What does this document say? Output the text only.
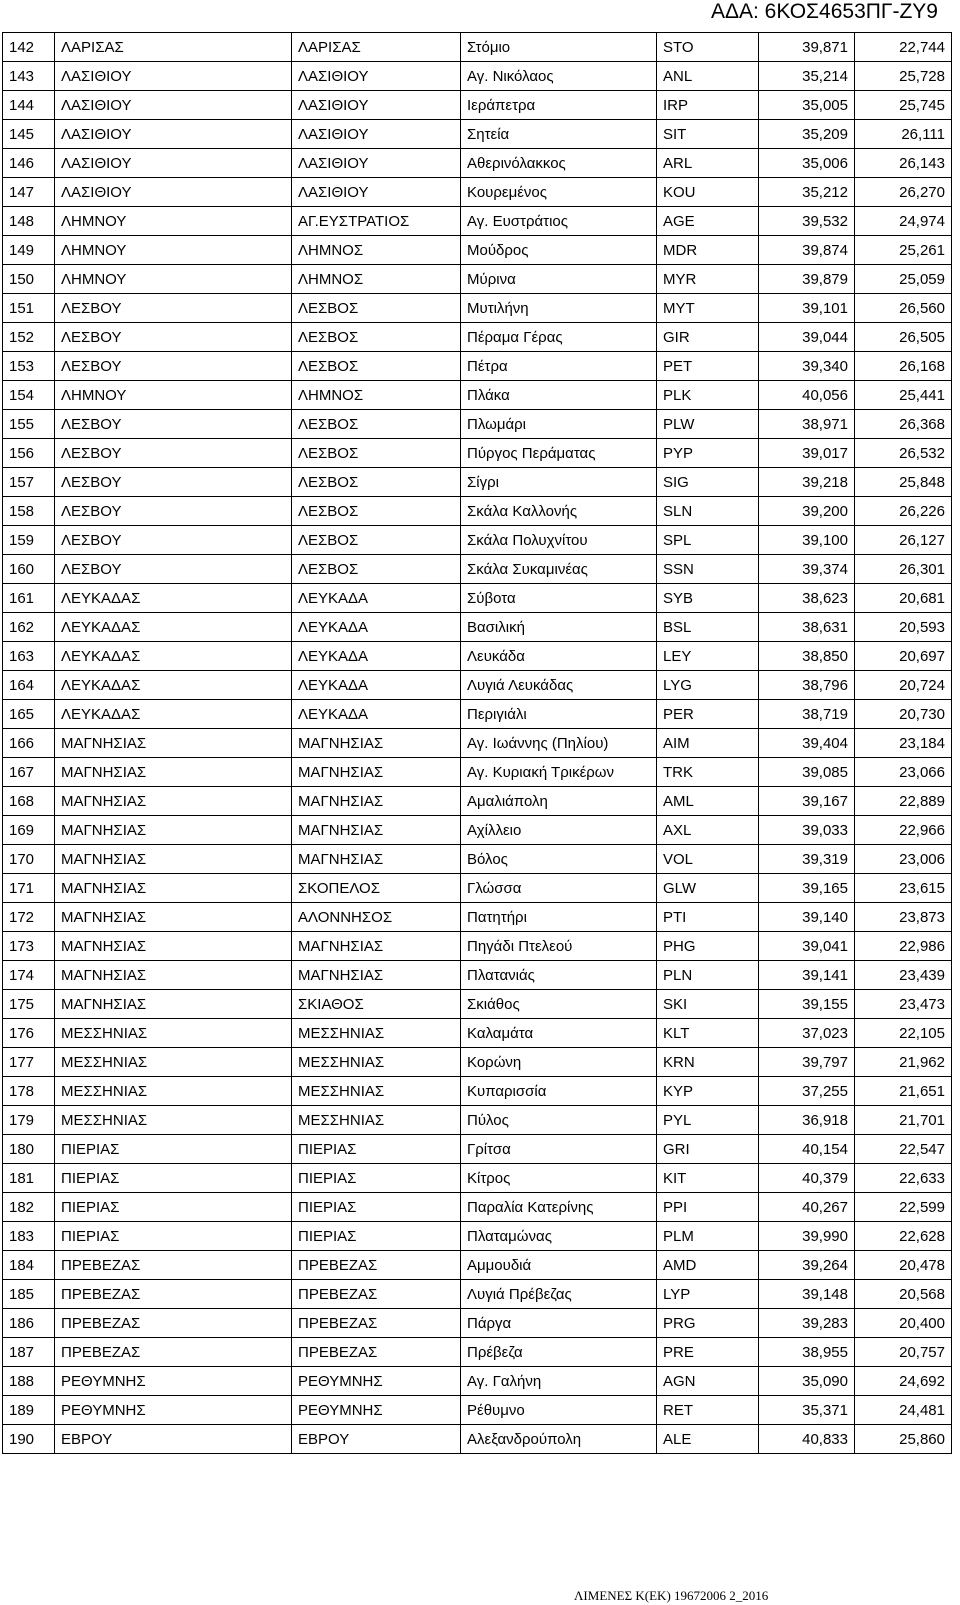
ΑΔΑ: 6ΚΟΣ4653ΠΓ-ΖΥ9
142	ΛΑΡΙΣΑΣ	ΛΑΡΙΣΑΣ	Στόμιο	STO	39,871	22,744
143	ΛΑΣΙΘΙΟΥ	ΛΑΣΙΘΙΟΥ	Αγ. Νικόλαος	ANL	35,214	25,728
144	ΛΑΣΙΘΙΟΥ	ΛΑΣΙΘΙΟΥ	Ιεράπετρα	IRP	35,005	25,745
145	ΛΑΣΙΘΙΟΥ	ΛΑΣΙΘΙΟΥ	Σητεία	SIT	35,209	26,111
146	ΛΑΣΙΘΙΟΥ	ΛΑΣΙΘΙΟΥ	Αθερινόλακκος	ARL	35,006	26,143
147	ΛΑΣΙΘΙΟΥ	ΛΑΣΙΘΙΟΥ	Κουρεμένος	KOU	35,212	26,270
148	ΛΗΜΝΟΥ	ΑΓ.ΕΥΣΤΡΑΤΙΟΣ	Αγ. Ευστράτιος	AGE	39,532	24,974
149	ΛΗΜΝΟΥ	ΛΗΜΝΟΣ	Μούδρος	MDR	39,874	25,261
150	ΛΗΜΝΟΥ	ΛΗΜΝΟΣ	Μύρινα	MYR	39,879	25,059
151	ΛΕΣΒΟΥ	ΛΕΣΒΟΣ	Μυτιλήνη	MYT	39,101	26,560
152	ΛΕΣΒΟΥ	ΛΕΣΒΟΣ	Πέραμα Γέρας	GIR	39,044	26,505
153	ΛΕΣΒΟΥ	ΛΕΣΒΟΣ	Πέτρα	PET	39,340	26,168
154	ΛΗΜΝΟΥ	ΛΗΜΝΟΣ	Πλάκα	PLK	40,056	25,441
155	ΛΕΣΒΟΥ	ΛΕΣΒΟΣ	Πλωμάρι	PLW	38,971	26,368
156	ΛΕΣΒΟΥ	ΛΕΣΒΟΣ	Πύργος Περάματας	PYP	39,017	26,532
157	ΛΕΣΒΟΥ	ΛΕΣΒΟΣ	Σίγρι	SIG	39,218	25,848
158	ΛΕΣΒΟΥ	ΛΕΣΒΟΣ	Σκάλα Καλλονής	SLN	39,200	26,226
159	ΛΕΣΒΟΥ	ΛΕΣΒΟΣ	Σκάλα Πολυχνίτου	SPL	39,100	26,127
160	ΛΕΣΒΟΥ	ΛΕΣΒΟΣ	Σκάλα Συκαμινέας	SSN	39,374	26,301
161	ΛΕΥΚΑΔΑΣ	ΛΕΥΚΑΔΑ	Σύβοτα	SYB	38,623	20,681
162	ΛΕΥΚΑΔΑΣ	ΛΕΥΚΑΔΑ	Βασιλική	BSL	38,631	20,593
163	ΛΕΥΚΑΔΑΣ	ΛΕΥΚΑΔΑ	Λευκάδα	LEY	38,850	20,697
164	ΛΕΥΚΑΔΑΣ	ΛΕΥΚΑΔΑ	Λυγιά Λευκάδας	LYG	38,796	20,724
165	ΛΕΥΚΑΔΑΣ	ΛΕΥΚΑΔΑ	Περιγιάλι	PER	38,719	20,730
166	ΜΑΓΝΗΣΙΑΣ	ΜΑΓΝΗΣΙΑΣ	Αγ. Ιωάννης (Πηλίου)	AIM	39,404	23,184
167	ΜΑΓΝΗΣΙΑΣ	ΜΑΓΝΗΣΙΑΣ	Αγ. Κυριακή Τρικέρων	TRK	39,085	23,066
168	ΜΑΓΝΗΣΙΑΣ	ΜΑΓΝΗΣΙΑΣ	Αμαλιάπολη	AML	39,167	22,889
169	ΜΑΓΝΗΣΙΑΣ	ΜΑΓΝΗΣΙΑΣ	Αχίλλειο	AXL	39,033	22,966
170	ΜΑΓΝΗΣΙΑΣ	ΜΑΓΝΗΣΙΑΣ	Βόλος	VOL	39,319	23,006
171	ΜΑΓΝΗΣΙΑΣ	ΣΚΟΠΕΛΟΣ	Γλώσσα	GLW	39,165	23,615
172	ΜΑΓΝΗΣΙΑΣ	ΑΛΟΝΝΗΣΟΣ	Πατητήρι	PTI	39,140	23,873
173	ΜΑΓΝΗΣΙΑΣ	ΜΑΓΝΗΣΙΑΣ	Πηγάδι Πτελεού	PHG	39,041	22,986
174	ΜΑΓΝΗΣΙΑΣ	ΜΑΓΝΗΣΙΑΣ	Πλατανιάς	PLN	39,141	23,439
175	ΜΑΓΝΗΣΙΑΣ	ΣΚΙΑΘΟΣ	Σκιάθος	SKI	39,155	23,473
176	ΜΕΣΣΗΝΙΑΣ	ΜΕΣΣΗΝΙΑΣ	Καλαμάτα	KLT	37,023	22,105
177	ΜΕΣΣΗΝΙΑΣ	ΜΕΣΣΗΝΙΑΣ	Κορώνη	KRN	39,797	21,962
178	ΜΕΣΣΗΝΙΑΣ	ΜΕΣΣΗΝΙΑΣ	Κυπαρισσία	KYP	37,255	21,651
179	ΜΕΣΣΗΝΙΑΣ	ΜΕΣΣΗΝΙΑΣ	Πύλος	PYL	36,918	21,701
180	ΠΙΕΡΙΑΣ	ΠΙΕΡΙΑΣ	Γρίτσα	GRI	40,154	22,547
181	ΠΙΕΡΙΑΣ	ΠΙΕΡΙΑΣ	Κίτρος	KIT	40,379	22,633
182	ΠΙΕΡΙΑΣ	ΠΙΕΡΙΑΣ	Παραλία Κατερίνης	PPI	40,267	22,599
183	ΠΙΕΡΙΑΣ	ΠΙΕΡΙΑΣ	Πλαταμώνας	PLM	39,990	22,628
184	ΠΡΕΒΕΖΑΣ	ΠΡΕΒΕΖΑΣ	Αμμουδιά	AMD	39,264	20,478
185	ΠΡΕΒΕΖΑΣ	ΠΡΕΒΕΖΑΣ	Λυγιά Πρέβεζας	LYP	39,148	20,568
186	ΠΡΕΒΕΖΑΣ	ΠΡΕΒΕΖΑΣ	Πάργα	PRG	39,283	20,400
187	ΠΡΕΒΕΖΑΣ	ΠΡΕΒΕΖΑΣ	Πρέβεζα	PRE	38,955	20,757
188	ΡΕΘΥΜΝΗΣ	ΡΕΘΥΜΝΗΣ	Αγ. Γαλήνη	AGN	35,090	24,692
189	ΡΕΘΥΜΝΗΣ	ΡΕΘΥΜΝΗΣ	Ρέθυμνο	RET	35,371	24,481
190	ΕΒΡΟΥ	ΕΒΡΟΥ	Αλεξανδρούπολη	ALE	40,833	25,860
ΛΙΜΕΝΕΣ Κ(ΕΚ) 19672006 2_2016
